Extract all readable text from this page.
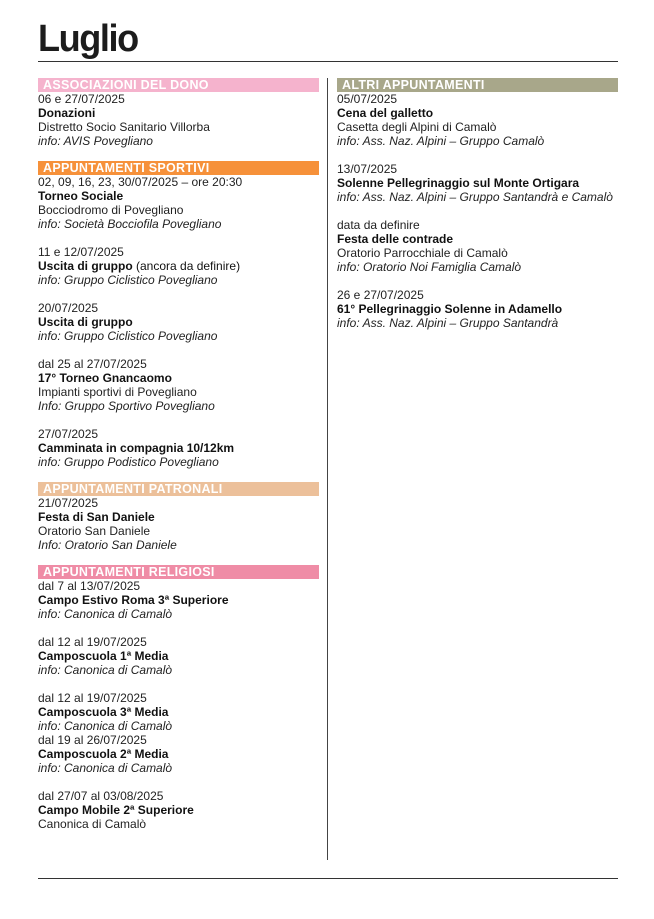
Luglio
ASSOCIAZIONI DEL DONO
06 e 27/07/2025
Donazioni
Distretto Socio Sanitario Villorba
info: AVIS Povegliano
APPUNTAMENTI SPORTIVI
02, 09, 16, 23, 30/07/2025 – ore 20:30
Torneo Sociale
Bocciodromo di Povegliano
info: Società Bocciofila Povegliano
11 e 12/07/2025
Uscita di gruppo (ancora da definire)
info: Gruppo Ciclistico Povegliano
20/07/2025
Uscita di gruppo
info: Gruppo Ciclistico Povegliano
dal 25 al 27/07/2025
17° Torneo Gnancaomo
Impianti sportivi di Povegliano
Info: Gruppo Sportivo Povegliano
27/07/2025
Camminata in compagnia 10/12km
info: Gruppo Podistico Povegliano
APPUNTAMENTI PATRONALI
21/07/2025
Festa di San Daniele
Oratorio San Daniele
Info: Oratorio San Daniele
APPUNTAMENTI RELIGIOSI
dal 7 al 13/07/2025
Campo Estivo Roma 3ª Superiore
info: Canonica di Camalò
dal 12 al 19/07/2025
Camposcuola 1ª Media
info: Canonica di Camalò
dal 12 al 19/07/2025
Camposcuola 3ª Media
info: Canonica di Camalò
dal 19 al 26/07/2025
Camposcuola 2ª Media
info: Canonica di Camalò
dal 27/07 al 03/08/2025
Campo Mobile 2ª Superiore
Canonica di Camalò
ALTRI APPUNTAMENTI
05/07/2025
Cena del galletto
Casetta degli Alpini di Camalò
info: Ass. Naz. Alpini – Gruppo Camalò
13/07/2025
Solenne Pellegrinaggio sul Monte Ortigara
info: Ass. Naz. Alpini – Gruppo Santandrà e Camalò
data da definire
Festa delle contrade
Oratorio Parrocchiale di Camalò
info: Oratorio Noi Famiglia Camalò
26 e 27/07/2025
61° Pellegrinaggio Solenne in Adamello
info: Ass. Naz. Alpini – Gruppo Santandrà
